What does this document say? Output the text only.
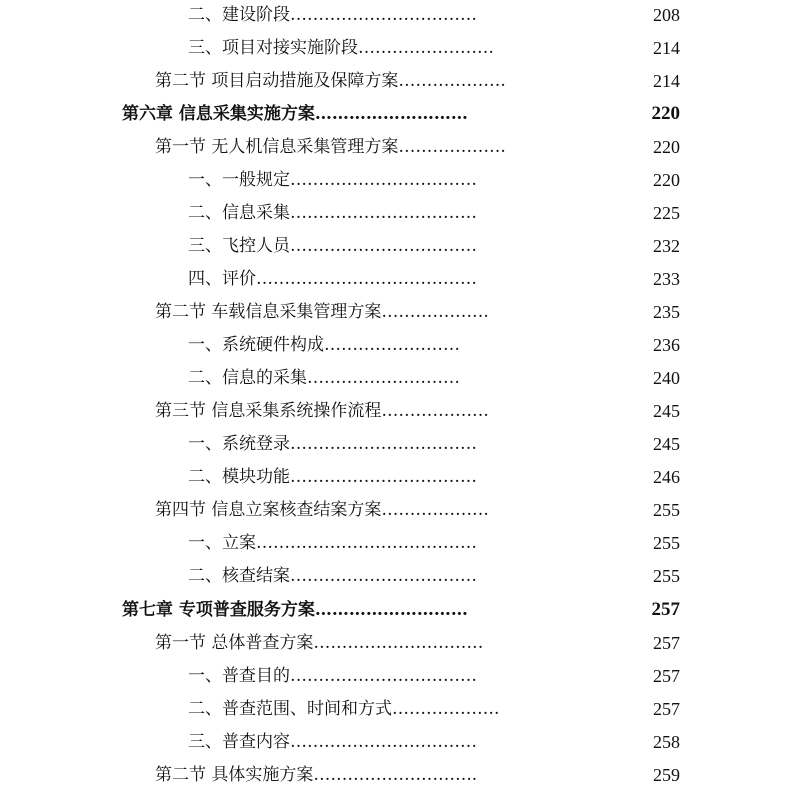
二、建设阶段……………………………	208
三、项目对接实施阶段……………………	214
第二节 项目启动措施及保障方案……………….	214
第六章 信息采集实施方案………………………	220
第一节 无人机信息采集管理方案……………….	220
一、一般规定……………………………	220
二、信息采集……………………………	225
三、飞控人员……………………………	232
四、评价…………………………………	233
第二节 车载信息采集管理方案……………….	235
一、系统硬件构成……………………	236
二、信息的采集………………………	240
第三节 信息采集系统操作流程……………….	245
一、系统登录……………………………	245
二、模块功能……………………………	246
第四节 信息立案核查结案方案……………….	255
一、立案…………………………………	255
二、核查结案……………………………	255
第七章 专项普查服务方案………………………	257
第一节 总体普查方案…………………………	257
一、普查目的……………………………	257
二、普查范围、时间和方式……………….	257
三、普查内容……………………………	258
第二节 具体实施方案………………………..	259
